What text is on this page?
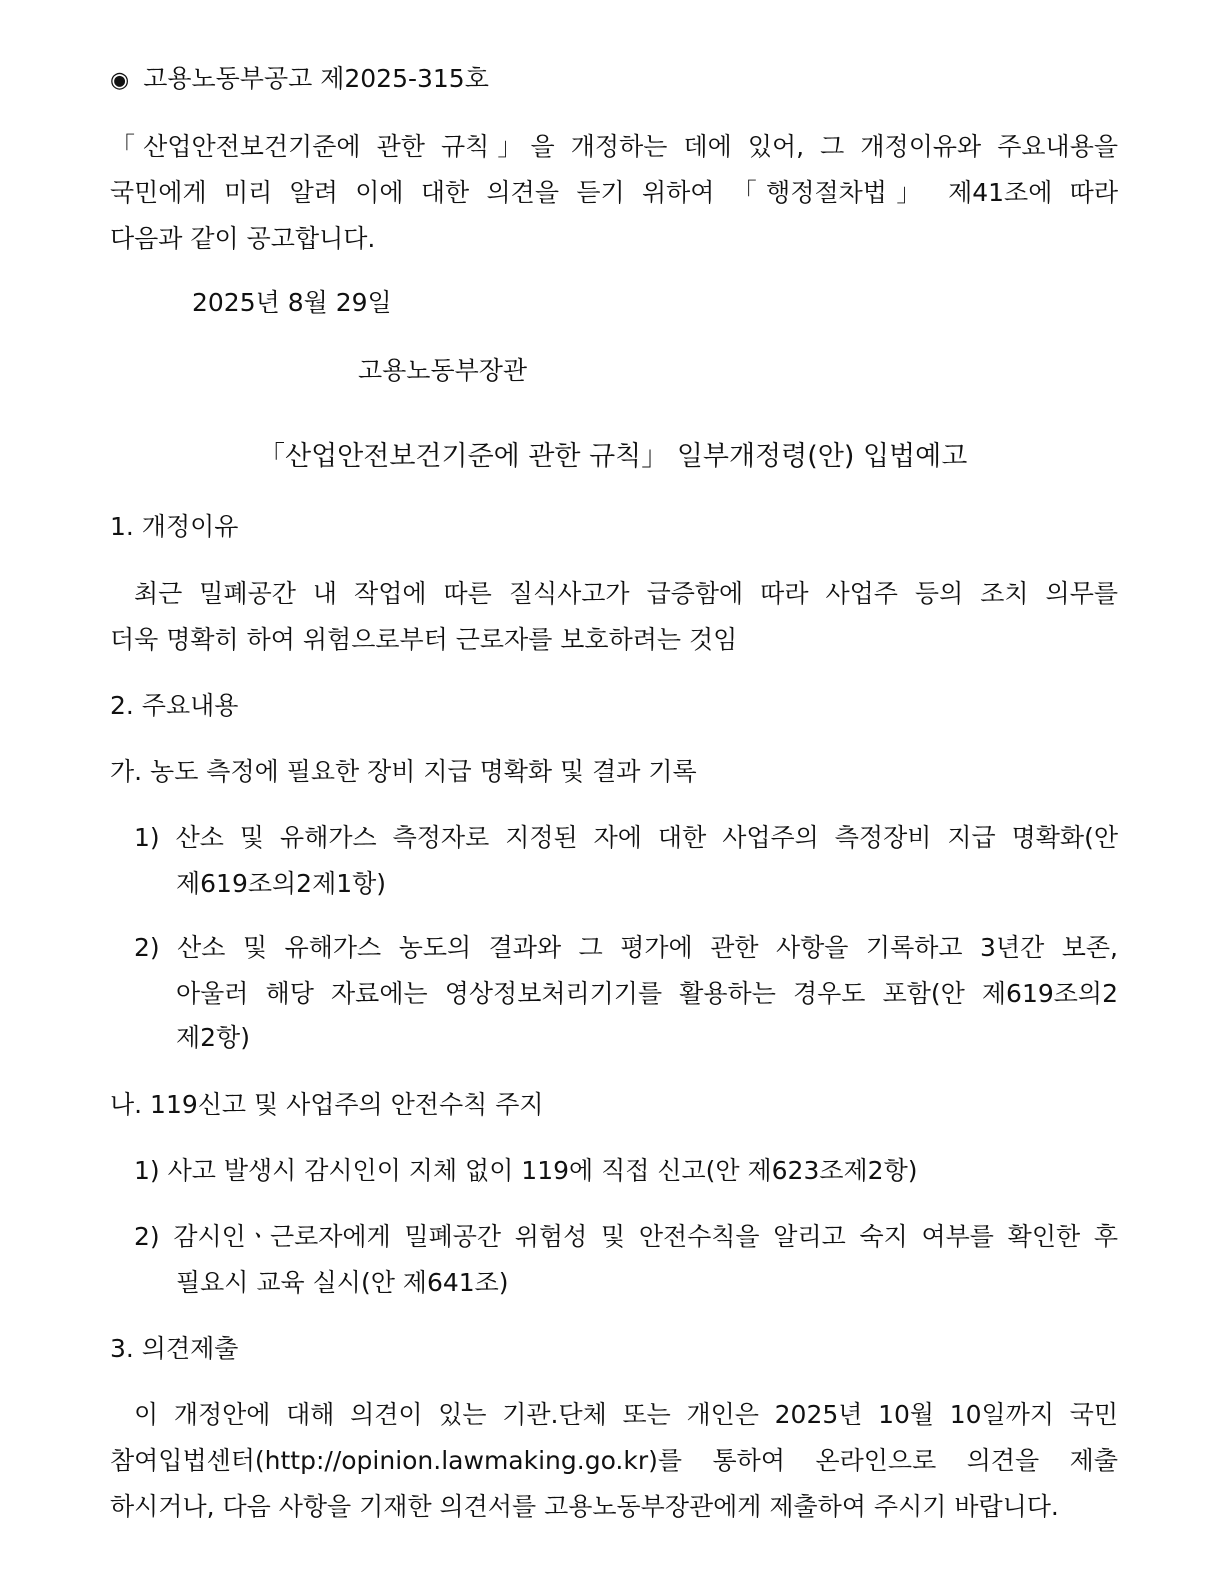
◉ 고용노동부공고 제2025-315호
「산업안전보건기준에 관한 규칙」을 개정하는 데에 있어, 그 개정이유와 주요내용을
국민에게 미리 알려 이에 대한 의견을 듣기 위하여 「행정절차법」 제41조에 따라
다음과 같이 공고합니다.
2025년 8월 29일
고용노동부장관
「산업안전보건기준에 관한 규칙」 일부개정령(안) 입법예고
1. 개정이유
최근 밀폐공간 내 작업에 따른 질식사고가 급증함에 따라 사업주 등의 조치 의무를
더욱 명확히 하여 위험으로부터 근로자를 보호하려는 것임
2. 주요내용
가. 농도 측정에 필요한 장비 지급 명확화 및 결과 기록
1) 산소 및 유해가스 측정자로 지정된 자에 대한 사업주의 측정장비 지급 명확화(안
제619조의2제1항)
2) 산소 및 유해가스 농도의 결과와 그 평가에 관한 사항을 기록하고 3년간 보존,
아울러 해당 자료에는 영상정보처리기기를 활용하는 경우도 포함(안 제619조의2
제2항)
나. 119신고 및 사업주의 안전수칙 주지
1) 사고 발생시 감시인이 지체 없이 119에 직접 신고(안 제623조제2항)
2) 감시인ㆍ근로자에게 밀폐공간 위험성 및 안전수칙을 알리고 숙지 여부를 확인한 후
필요시 교육 실시(안 제641조)
3. 의견제출
이 개정안에 대해 의견이 있는 기관.단체 또는 개인은 2025년 10월 10일까지 국민
참여입법센터(http://opinion.lawmaking.go.kr)를 통하여 온라인으로 의견을 제출
하시거나, 다음 사항을 기재한 의견서를 고용노동부장관에게 제출하여 주시기 바랍니다.
